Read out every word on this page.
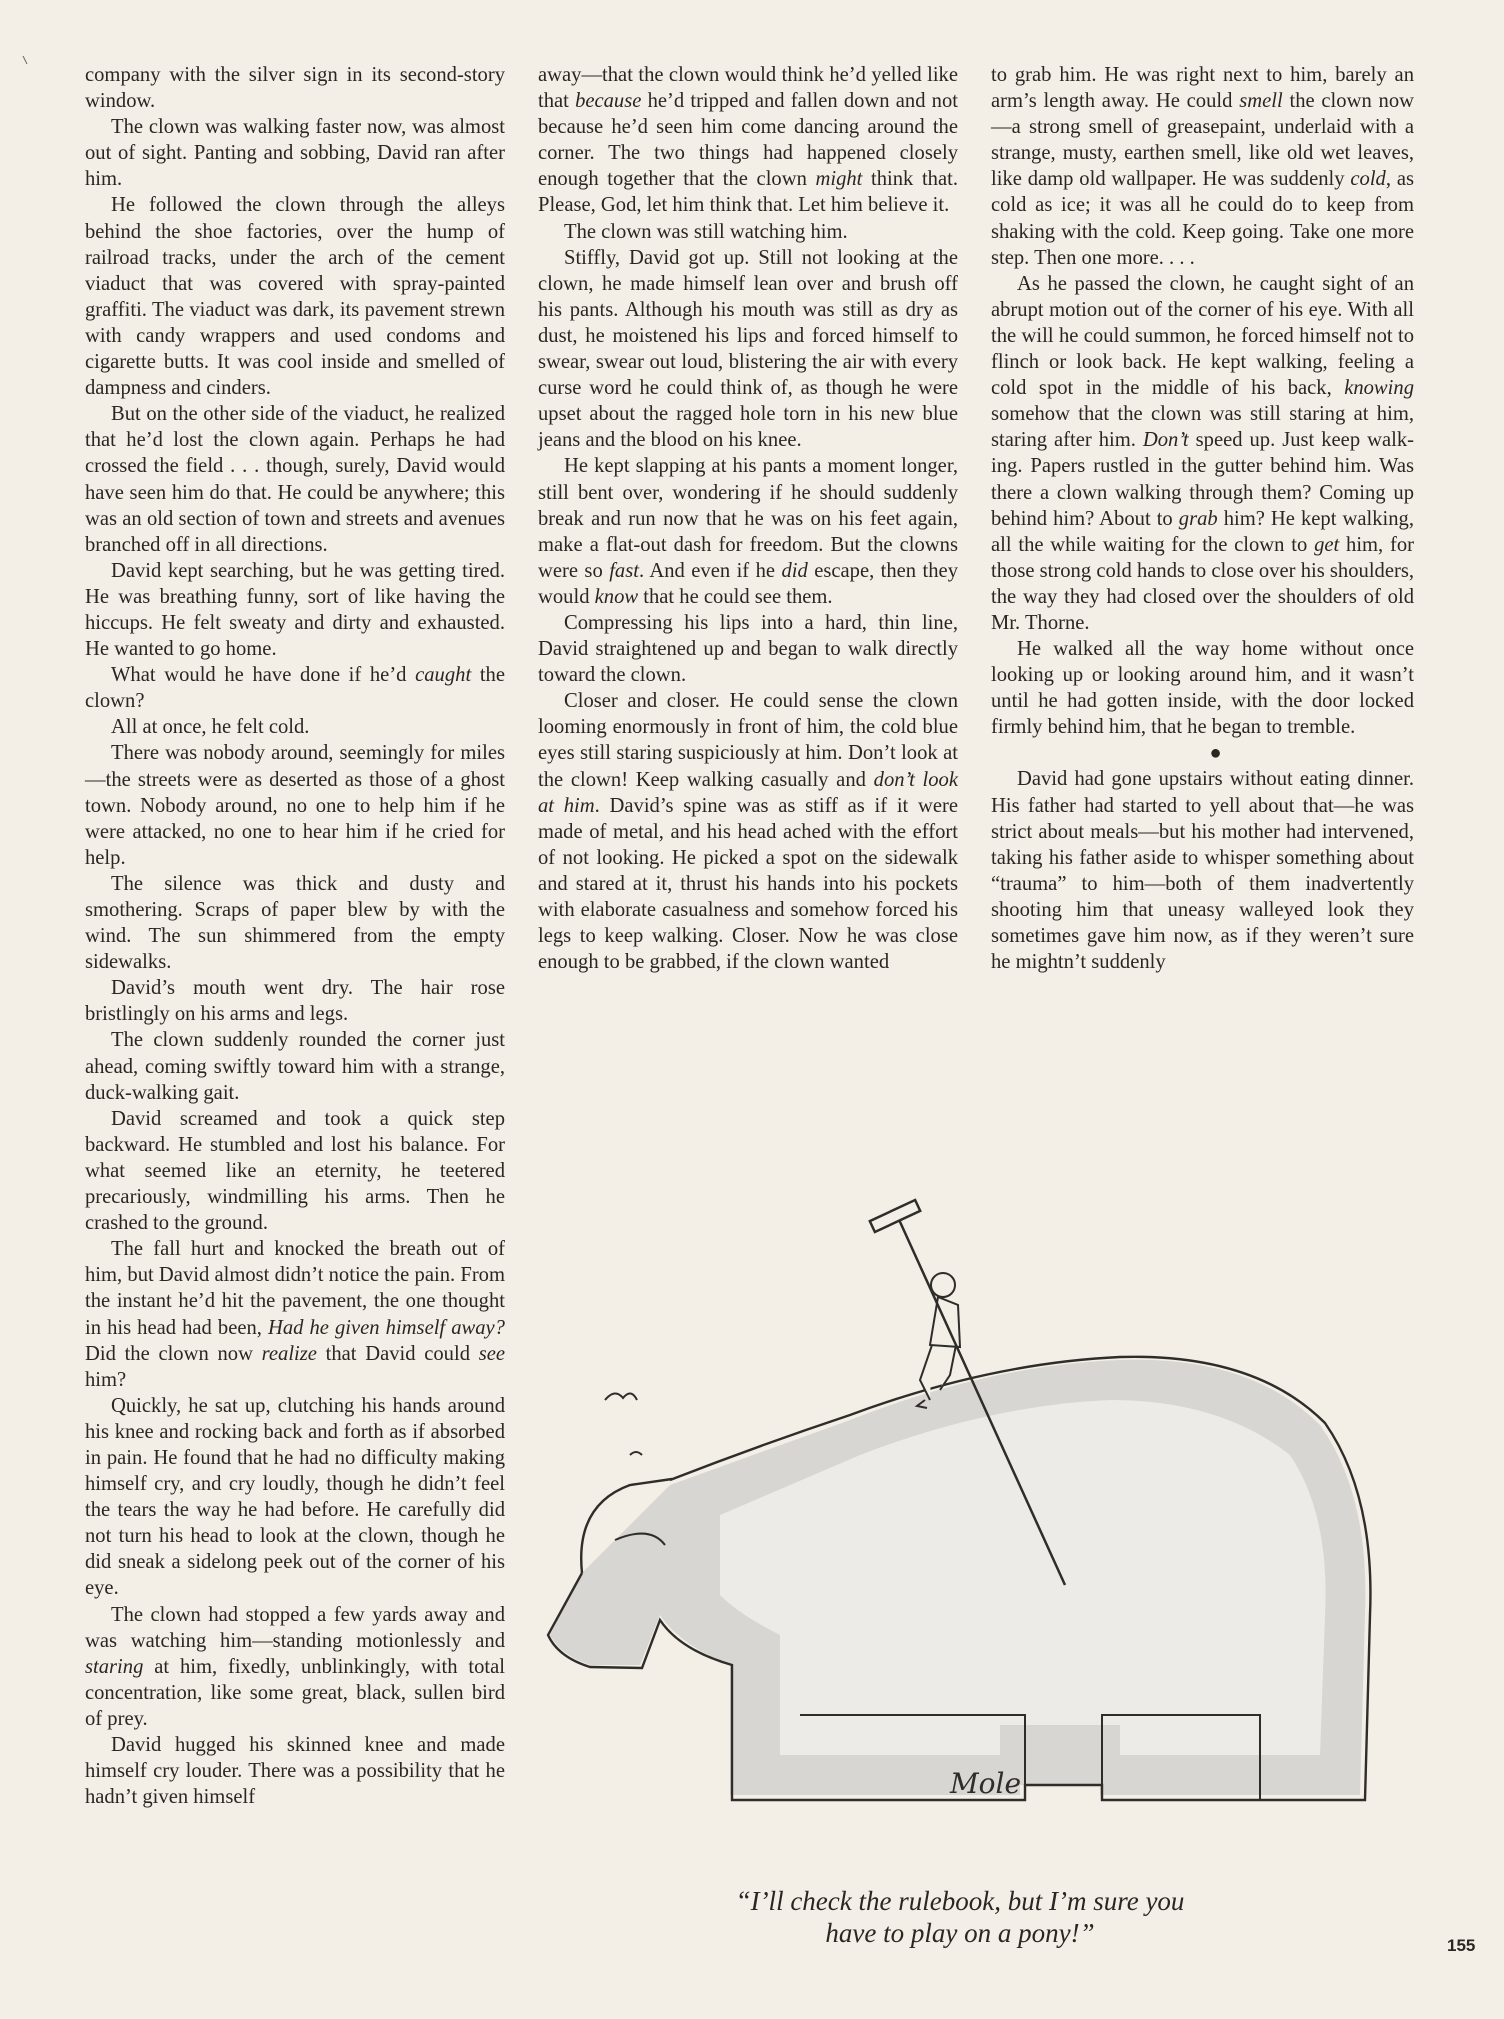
company with the silver sign in its second-story window.

The clown was walking faster now, was almost out of sight. Panting and sobbing, David ran after him.

He followed the clown through the alleys behind the shoe factories, over the hump of railroad tracks, under the arch of the cement viaduct that was covered with spray-painted graffiti. The viaduct was dark, its pavement strewn with candy wrappers and used condoms and cigarette butts. It was cool inside and smelled of dampness and cinders.

But on the other side of the viaduct, he realized that he’d lost the clown again. Perhaps he had crossed the field . . . though, surely, David would have seen him do that. He could be anywhere; this was an old section of town and streets and avenues branched off in all directions.

David kept searching, but he was getting tired. He was breathing funny, sort of like having the hiccups. He felt sweaty and dirty and exhausted. He wanted to go home.

What would he have done if he’d caught the clown?

All at once, he felt cold.

There was nobody around, seemingly for miles—the streets were as deserted as those of a ghost town. Nobody around, no one to help him if he were attacked, no one to hear him if he cried for help.

The silence was thick and dusty and smothering. Scraps of paper blew by with the wind. The sun shimmered from the empty sidewalks.

David’s mouth went dry. The hair rose bristlingly on his arms and legs.

The clown suddenly rounded the corner just ahead, coming swiftly toward him with a strange, duck-walking gait.

David screamed and took a quick step backward. He stumbled and lost his balance. For what seemed like an eternity, he teetered precariously, windmilling his arms. Then he crashed to the ground.

The fall hurt and knocked the breath out of him, but David almost didn’t notice the pain. From the instant he’d hit the pavement, the one thought in his head had been, Had he given himself away? Did the clown now realize that David could see him?

Quickly, he sat up, clutching his hands around his knee and rocking back and forth as if absorbed in pain. He found that he had no difficulty making himself cry, and cry loudly, though he didn’t feel the tears the way he had before. He carefully did not turn his head to look at the clown, though he did sneak a sidelong peek out of the corner of his eye.

The clown had stopped a few yards away and was watching him—standing motionlessly and staring at him, fixedly, unblinkingly, with total concentration, like some great, black, sullen bird of prey.

David hugged his skinned knee and made himself cry louder. There was a possibility that he hadn’t given himself

away—that the clown would think he’d yelled like that because he’d tripped and fallen down and not because he’d seen him come dancing around the corner. The two things had happened closely enough together that the clown might think that. Please, God, let him think that. Let him believe it.

The clown was still watching him.

Stiffly, David got up. Still not looking at the clown, he made himself lean over and brush off his pants. Although his mouth was still as dry as dust, he moistened his lips and forced himself to swear, swear out loud, blistering the air with every curse word he could think of, as though he were upset about the ragged hole torn in his new blue jeans and the blood on his knee.

He kept slapping at his pants a moment longer, still bent over, wondering if he should suddenly break and run now that he was on his feet again, make a flat-out dash for freedom. But the clowns were so fast. And even if he did escape, then they would know that he could see them.

Compressing his lips into a hard, thin line, David straightened up and began to walk directly toward the clown.

Closer and closer. He could sense the clown looming enormously in front of him, the cold blue eyes still staring suspiciously at him. Don’t look at the clown! Keep walking casually and don’t look at him. David’s spine was as stiff as if it were made of metal, and his head ached with the effort of not looking. He picked a spot on the sidewalk and stared at it, thrust his hands into his pockets with elaborate casualness and somehow forced his legs to keep walking. Closer. Now he was close enough to be grabbed, if the clown wanted

to grab him. He was right next to him, barely an arm’s length away. He could smell the clown now—a strong smell of greasepaint, underlaid with a strange, musty, earthen smell, like old wet leaves, like damp old wallpaper. He was suddenly cold, as cold as ice; it was all he could do to keep from shaking with the cold. Keep going. Take one more step. Then one more. . . .

As he passed the clown, he caught sight of an abrupt motion out of the corner of his eye. With all the will he could summon, he forced himself not to flinch or look back. He kept walking, feeling a cold spot in the middle of his back, knowing somehow that the clown was still staring at him, staring after him. Don’t speed up. Just keep walking. Papers rustled in the gutter behind him. Was there a clown walking through them? Coming up behind him? About to grab him? He kept walking, all the while waiting for the clown to get him, for those strong cold hands to close over his shoulders, the way they had closed over the shoulders of old Mr. Thorne.

He walked all the way home without once looking up or looking around him, and it wasn’t until he had gotten inside, with the door locked firmly behind him, that he began to tremble.

●

David had gone upstairs without eating dinner. His father had started to yell about that—he was strict about meals—but his mother had intervened, taking his father aside to whisper something about “trauma” to him—both of them inadvertently shooting him that uneasy walleyed look they sometimes gave him now, as if they weren’t sure he mightn’t suddenly

Mole
“I’ll check the rulebook, but I’m sure you
have to play on a pony!”	155
